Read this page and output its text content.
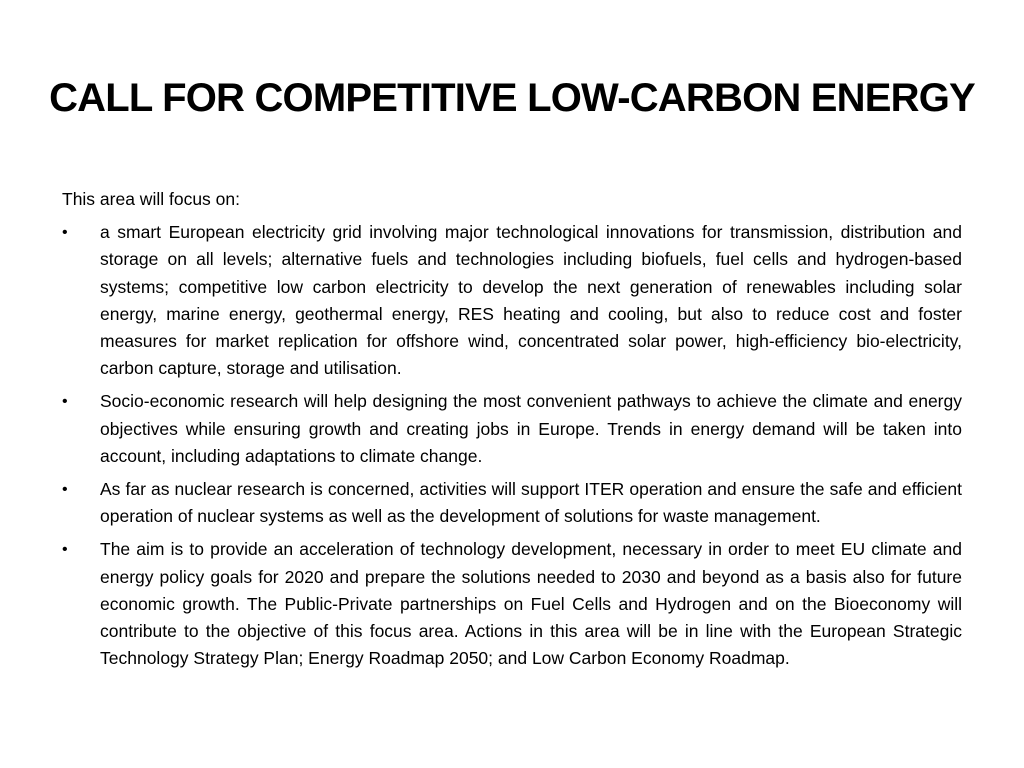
CALL FOR COMPETITIVE LOW-CARBON ENERGY

This area will focus on:

• a smart European electricity grid involving major technological innovations for transmission, distribution and storage on all levels; alternative fuels and technologies including biofuels, fuel cells and hydrogen-based systems; competitive low carbon electricity to develop the next generation of renewables including solar energy, marine energy, geothermal energy, RES heating and cooling, but also to reduce cost and foster measures for market replication for offshore wind, concentrated solar power, high-efficiency bio-electricity, carbon capture, storage and utilisation.
• Socio-economic research will help designing the most convenient pathways to achieve the climate and energy objectives while ensuring growth and creating jobs in Europe. Trends in energy demand will be taken into account, including adaptations to climate change.
• As far as nuclear research is concerned, activities will support ITER operation and ensure the safe and efficient operation of nuclear systems as well as the development of solutions for waste management.
• The aim is to provide an acceleration of technology development, necessary in order to meet EU climate and energy policy goals for 2020 and prepare the solutions needed to 2030 and beyond as a basis also for future economic growth. The Public-Private partnerships on Fuel Cells and Hydrogen and on the Bioeconomy will contribute to the objective of this focus area. Actions in this area will be in line with the European Strategic Technology Strategy Plan; Energy Roadmap 2050; and Low Carbon Economy Roadmap.
